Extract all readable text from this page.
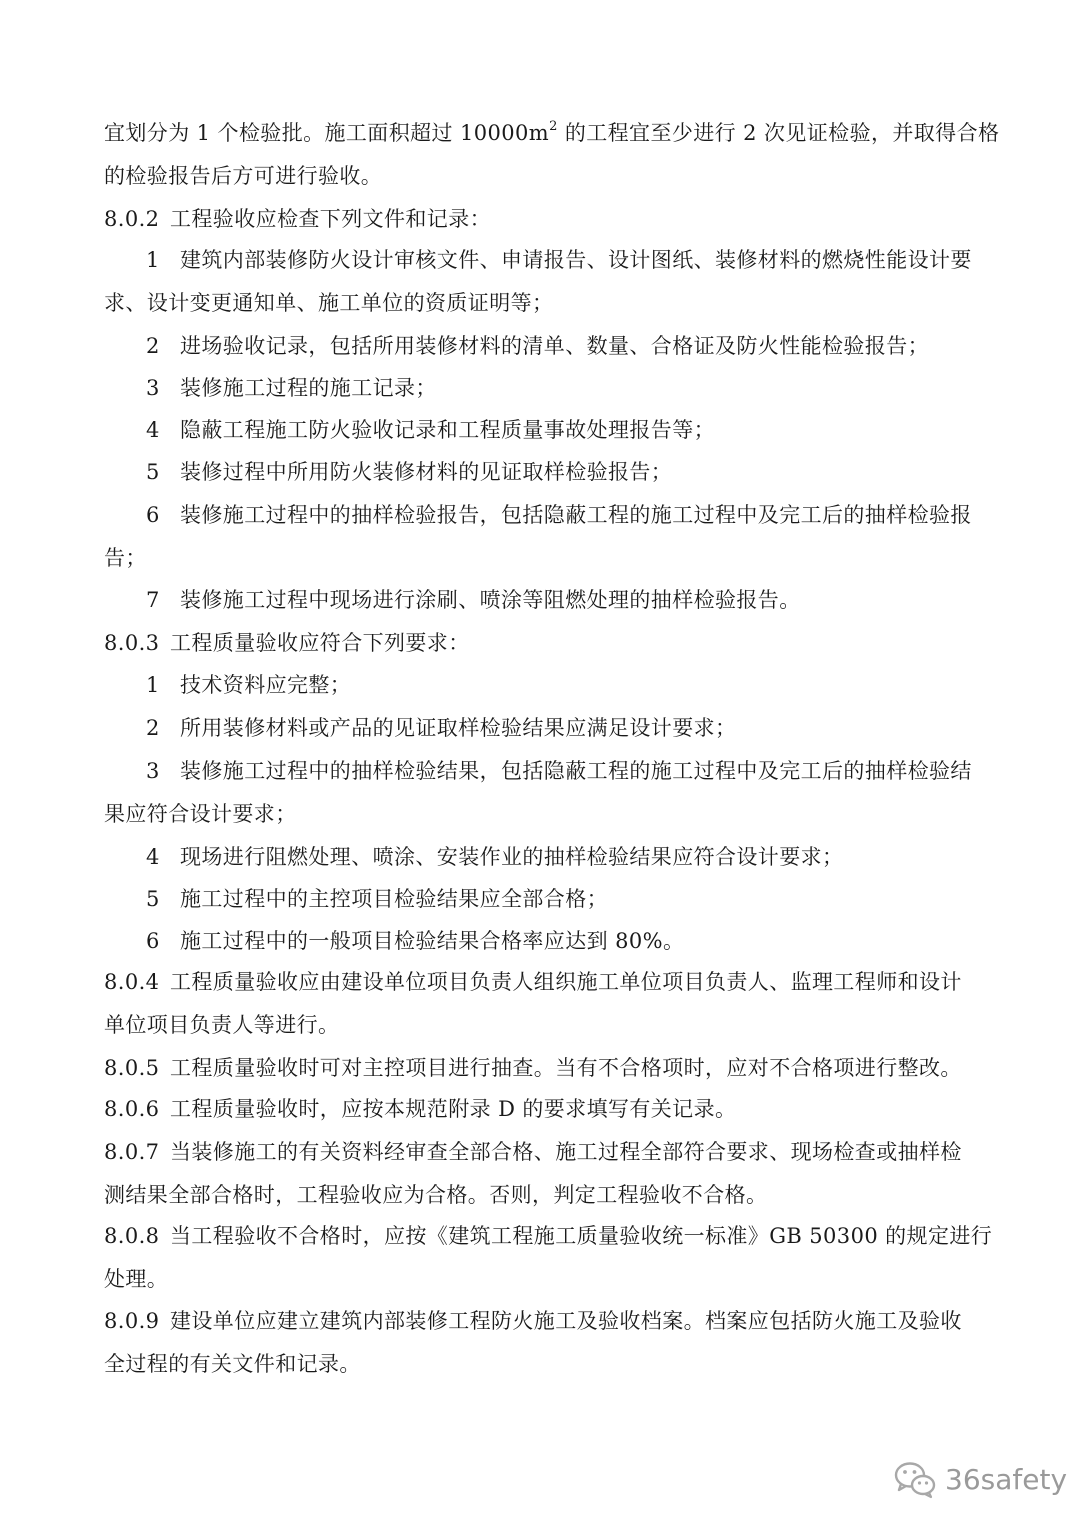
宜划分为 1 个检验批。施工面积超过 $10000m^2$ 的工程宜至少进行 2 次见证检验，并取得合格
的检验报告后方可进行验收。
8.0.2 工程验收应检查下列文件和记录：
1 建筑内部装修防火设计审核文件、申请报告、设计图纸、装修材料的燃烧性能设计要
求、设计变更通知单、施工单位的资质证明等；
2 进场验收记录，包括所用装修材料的清单、数量、合格证及防火性能检验报告；
3 装修施工过程的施工记录；
4 隐蔽工程施工防火验收记录和工程质量事故处理报告等；
5 装修过程中所用防火装修材料的见证取样检验报告；
6 装修施工过程中的抽样检验报告，包括隐蔽工程的施工过程中及完工后的抽样检验报
告；
7 装修施工过程中现场进行涂刷、喷涂等阻燃处理的抽样检验报告。
8.0.3 工程质量验收应符合下列要求：
1 技术资料应完整；
2 所用装修材料或产品的见证取样检验结果应满足设计要求；
3 装修施工过程中的抽样检验结果，包括隐蔽工程的施工过程中及完工后的抽样检验结
果应符合设计要求；
4 现场进行阻燃处理、喷涂、安装作业的抽样检验结果应符合设计要求；
5 施工过程中的主控项目检验结果应全部合格；
6 施工过程中的一般项目检验结果合格率应达到 80%。
8.0.4 工程质量验收应由建设单位项目负责人组织施工单位项目负责人、监理工程师和设计
单位项目负责人等进行。
8.0.5 工程质量验收时可对主控项目进行抽查。当有不合格项时，应对不合格项进行整改。
8.0.6 工程质量验收时，应按本规范附录 D 的要求填写有关记录。
8.0.7 当装修施工的有关资料经审查全部合格、施工过程全部符合要求、现场检查或抽样检
测结果全部合格时，工程验收应为合格。否则，判定工程验收不合格。
8.0.8 当工程验收不合格时，应按《建筑工程施工质量验收统一标准》GB 50300 的规定进行
处理。
8.0.9 建设单位应建立建筑内部装修工程防火施工及验收档案。档案应包括防火施工及验收
全过程的有关文件和记录。
36safety
